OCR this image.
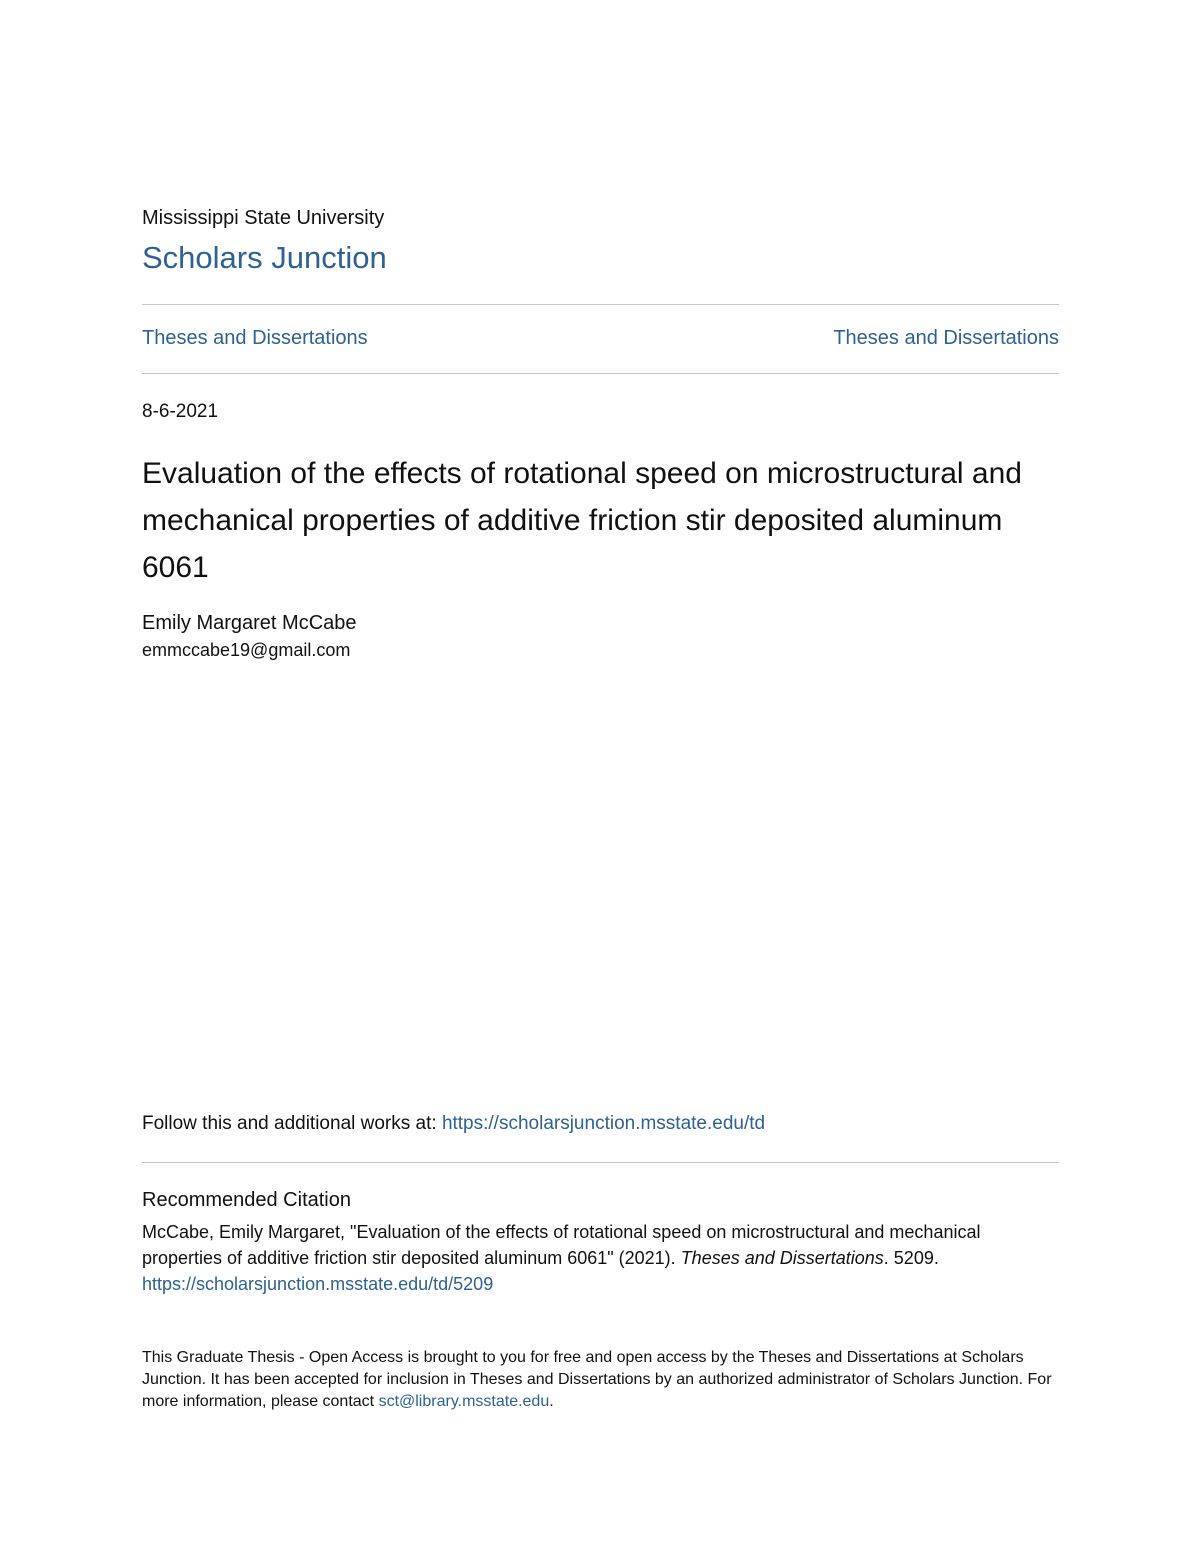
Mississippi State University
Scholars Junction
Theses and Dissertations	Theses and Dissertations
8-6-2021
Evaluation of the effects of rotational speed on microstructural and mechanical properties of additive friction stir deposited aluminum 6061
Emily Margaret McCabe
emmccabe19@gmail.com
Follow this and additional works at: https://scholarsjunction.msstate.edu/td
Recommended Citation
McCabe, Emily Margaret, "Evaluation of the effects of rotational speed on microstructural and mechanical properties of additive friction stir deposited aluminum 6061" (2021). Theses and Dissertations. 5209.
https://scholarsjunction.msstate.edu/td/5209
This Graduate Thesis - Open Access is brought to you for free and open access by the Theses and Dissertations at Scholars Junction. It has been accepted for inclusion in Theses and Dissertations by an authorized administrator of Scholars Junction. For more information, please contact sct@library.msstate.edu.
